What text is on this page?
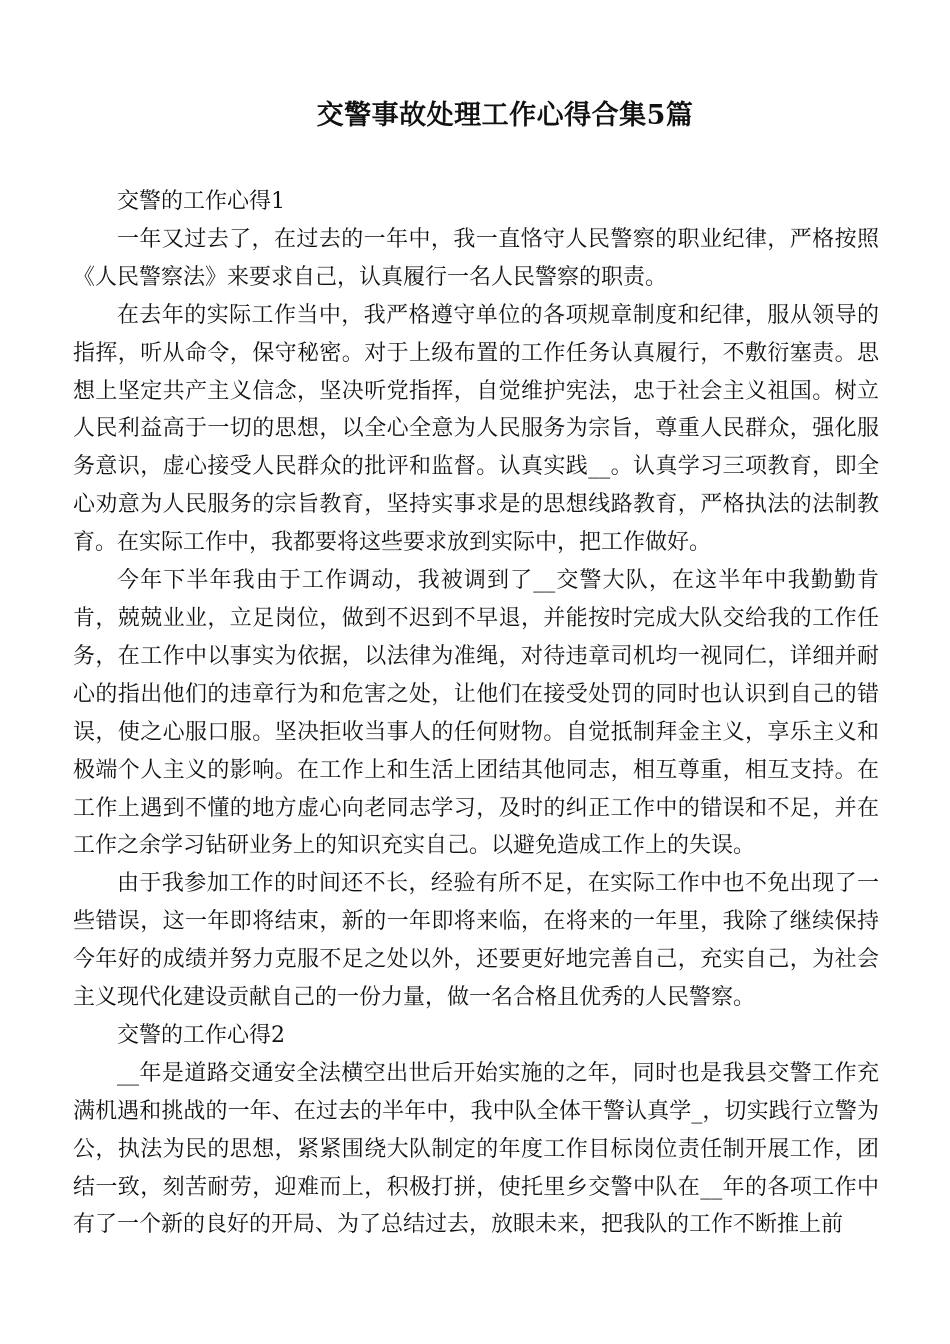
交警事故处理工作心得合集5篇

交警的工作心得1

一年又过去了，在过去的一年中，我一直恪守人民警察的职业纪律，严格按照《人民警察法》来要求自己，认真履行一名人民警察的职责。

在去年的实际工作当中，我严格遵守单位的各项规章制度和纪律，服从领导的指挥，听从命令，保守秘密。对于上级布置的工作任务认真履行，不敷衍塞责。思想上坚定共产主义信念，坚决听党指挥，自觉维护宪法，忠于社会主义祖国。树立人民利益高于一切的思想，以全心全意为人民服务为宗旨，尊重人民群众，强化服务意识，虚心接受人民群众的批评和监督。认真实践__。认真学习三项教育，即全心劝意为人民服务的宗旨教育，坚持实事求是的思想线路教育，严格执法的法制教育。在实际工作中，我都要将这些要求放到实际中，把工作做好。

今年下半年我由于工作调动，我被调到了__交警大队，在这半年中我勤勤肯肯，兢兢业业，立足岗位，做到不迟到不早退，并能按时完成大队交给我的工作任务，在工作中以事实为依据，以法律为准绳，对待违章司机均一视同仁，详细并耐心的指出他们的违章行为和危害之处，让他们在接受处罚的同时也认识到自己的错误，使之心服口服。坚决拒收当事人的任何财物。自觉抵制拜金主义，享乐主义和极端个人主义的影响。在工作上和生活上团结其他同志，相互尊重，相互支持。在工作上遇到不懂的地方虚心向老同志学习，及时的纠正工作中的错误和不足，并在工作之余学习钻研业务上的知识充实自己。以避免造成工作上的失误。

由于我参加工作的时间还不长，经验有所不足，在实际工作中也不免出现了一些错误，这一年即将结束，新的一年即将来临，在将来的一年里，我除了继续保持今年好的成绩并努力克服不足之处以外，还要更好地完善自己，充实自己，为社会主义现代化建设贡献自己的一份力量，做一名合格且优秀的人民警察。

交警的工作心得2

__年是道路交通安全法横空出世后开始实施的之年，同时也是我县交警工作充满机遇和挑战的一年、在过去的半年中，我中队全体干警认真学_，切实践行立警为公，执法为民的思想，紧紧围绕大队制定的年度工作目标岗位责任制开展工作，团结一致，刻苦耐劳，迎难而上，积极打拼，使托里乡交警中队在__年的各项工作中有了一个新的良好的开局、为了总结过去，放眼未来，把我队的工作不断推上前
